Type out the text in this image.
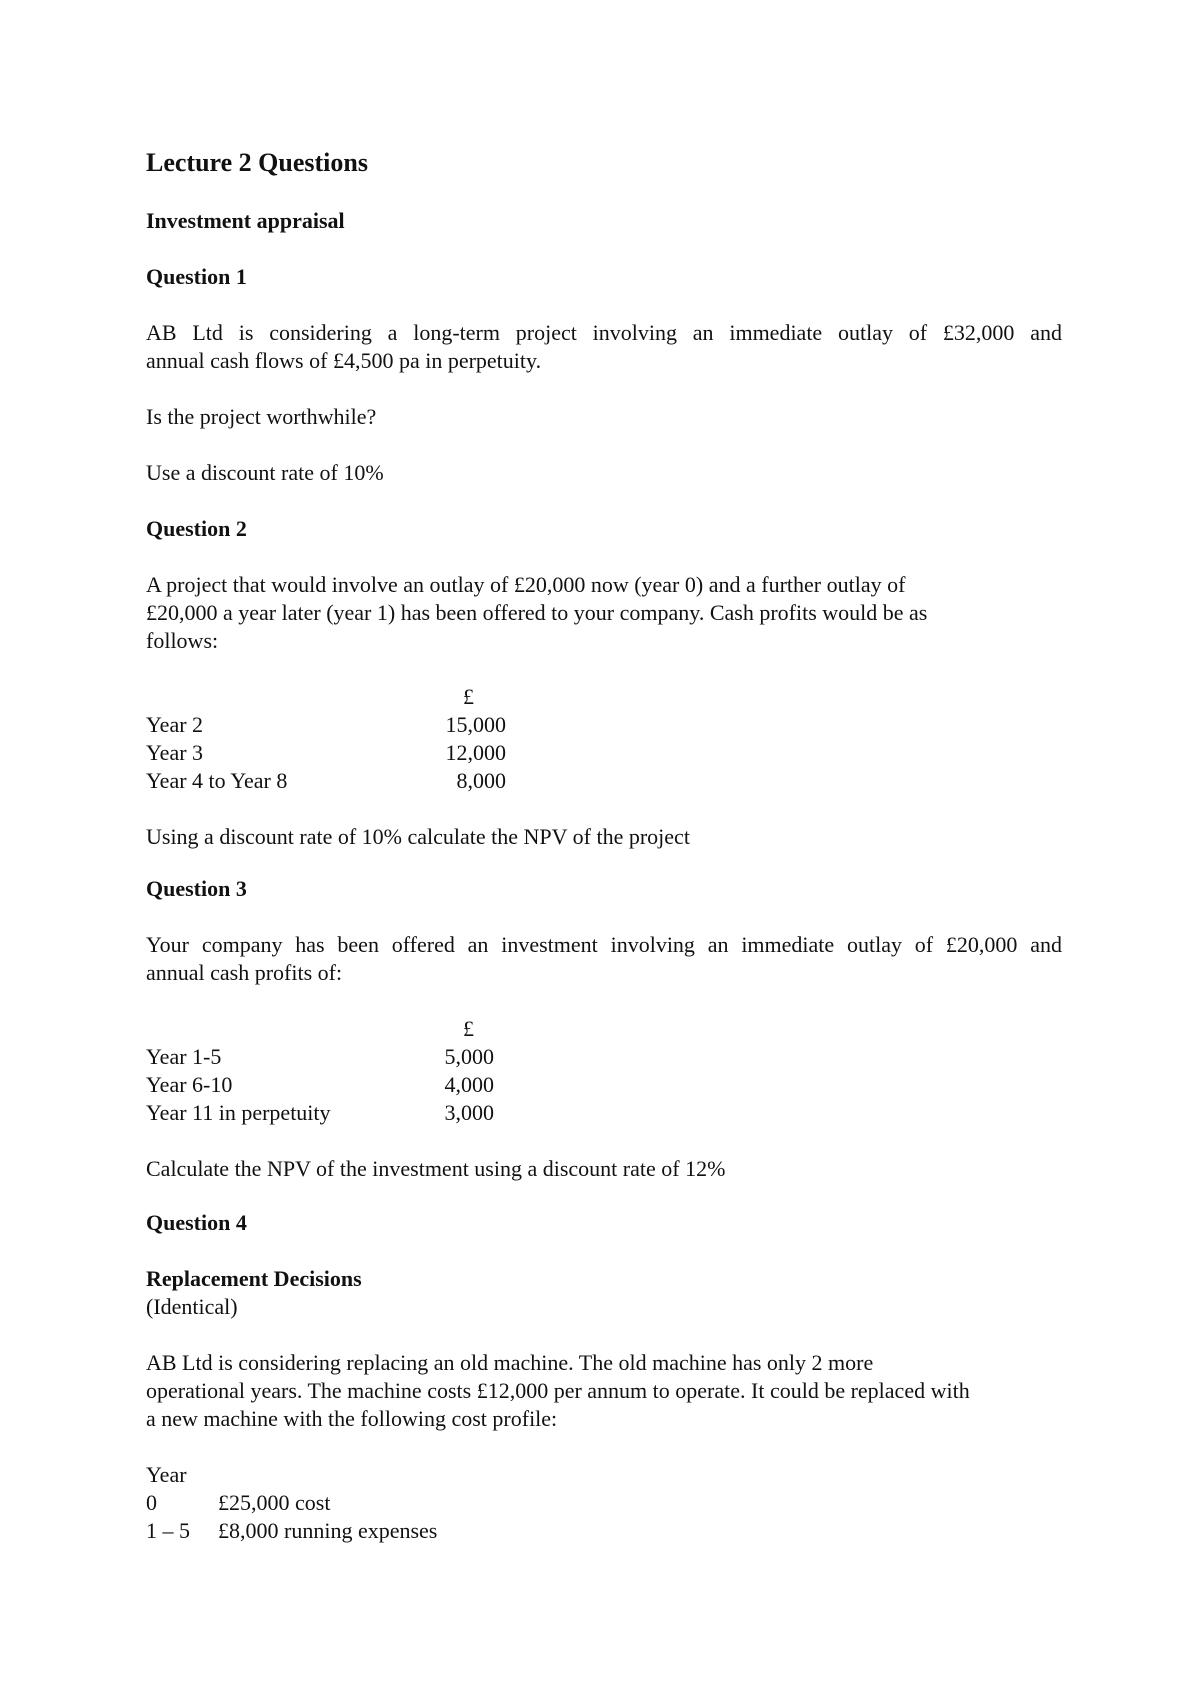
Lecture 2 Questions

Investment appraisal

Question 1

AB Ltd is considering a long-term project involving an immediate outlay of £32,000 and

annual cash flows of £4,500 pa in perpetuity.

Is the project worthwhile?

Use a discount rate of 10%

Question 2

A project that would involve an outlay of £20,000 now (year 0) and a further outlay of

£20,000 a year later (year 1) has been offered to your company. Cash profits would be as

follows:

£
Year 2	15,000
Year 3	12,000
Year 4 to Year 8	8,000

Using a discount rate of 10% calculate the NPV of the project

Question 3

Your company has been offered an investment involving an immediate outlay of £20,000 and

annual cash profits of:

£
Year 1-5	5,000
Year 6-10	4,000
Year 11 in perpetuity	3,000

Calculate the NPV of the investment using a discount rate of 12%

Question 4

Replacement Decisions

(Identical)

AB Ltd is considering replacing an old machine. The old machine has only 2 more

operational years. The machine costs £12,000 per annum to operate. It could be replaced with

a new machine with the following cost profile:

Year

0	£25,000 cost
1 – 5 £8,000 running expenses
